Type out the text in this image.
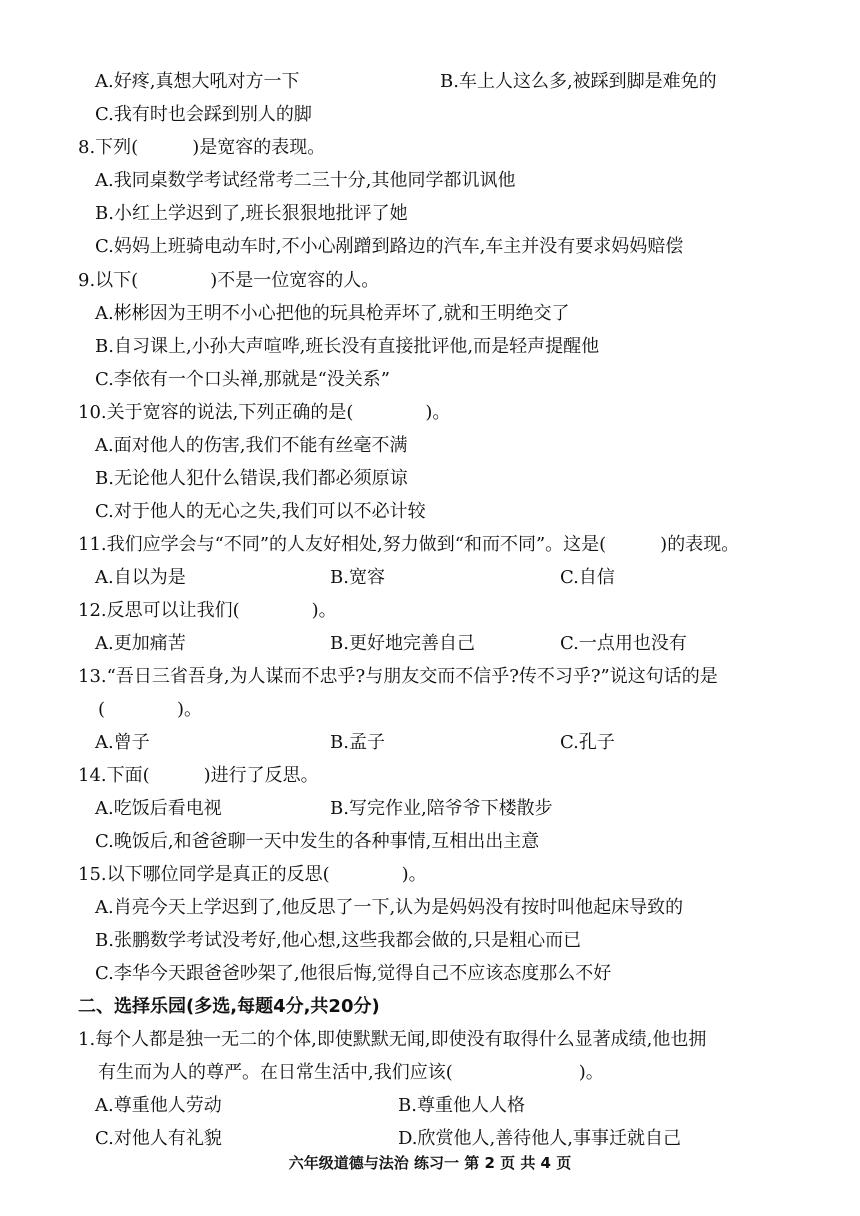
A.好疼,真想大吼对方一下	B.车上人这么多,被踩到脚是难免的
C.我有时也会踩到别人的脚
8.下列(　　　)是宽容的表现。
A.我同桌数学考试经常考二三十分,其他同学都讥讽他
B.小红上学迟到了,班长狠狠地批评了她
C.妈妈上班骑电动车时,不小心剐蹭到路边的汽车,车主并没有要求妈妈赔偿
9.以下(　　　　)不是一位宽容的人。
A.彬彬因为王明不小心把他的玩具枪弄坏了,就和王明绝交了
B.自习课上,小孙大声喧哗,班长没有直接批评他,而是轻声提醒他
C.李依有一个口头禅,那就是“没关系”
10.关于宽容的说法,下列正确的是(　　　　)。
A.面对他人的伤害,我们不能有丝毫不满
B.无论他人犯什么错误,我们都必须原谅
C.对于他人的无心之失,我们可以不必计较
11.我们应学会与“不同”的人友好相处,努力做到“和而不同”。这是(　　　)的表现。
A.自以为是	B.宽容	C.自信
12.反思可以让我们(　　　　)。
A.更加痛苦	B.更好地完善自己	C.一点用也没有
13.“吾日三省吾身,为人谋而不忠乎?与朋友交而不信乎?传不习乎?”说这句话的是
(　　　　)。
A.曾子	B.孟子	C.孔子
14.下面(　　　)进行了反思。
A.吃饭后看电视	B.写完作业,陪爷爷下楼散步
C.晚饭后,和爸爸聊一天中发生的各种事情,互相出出主意
15.以下哪位同学是真正的反思(　　　　)。
A.肖亮今天上学迟到了,他反思了一下,认为是妈妈没有按时叫他起床导致的
B.张鹏数学考试没考好,他心想,这些我都会做的,只是粗心而已
C.李华今天跟爸爸吵架了,他很后悔,觉得自己不应该态度那么不好
二、选择乐园(多选,每题4分,共20分)
1.每个人都是独一无二的个体,即使默默无闻,即使没有取得什么显著成绩,他也拥
有生而为人的尊严。在日常生活中,我们应该(　　　　　　　)。
A.尊重他人劳动	B.尊重他人人格
C.对他人有礼貌	D.欣赏他人,善待他人,事事迁就自己
六年级道德与法治 练习一 第 2 页 共 4 页
